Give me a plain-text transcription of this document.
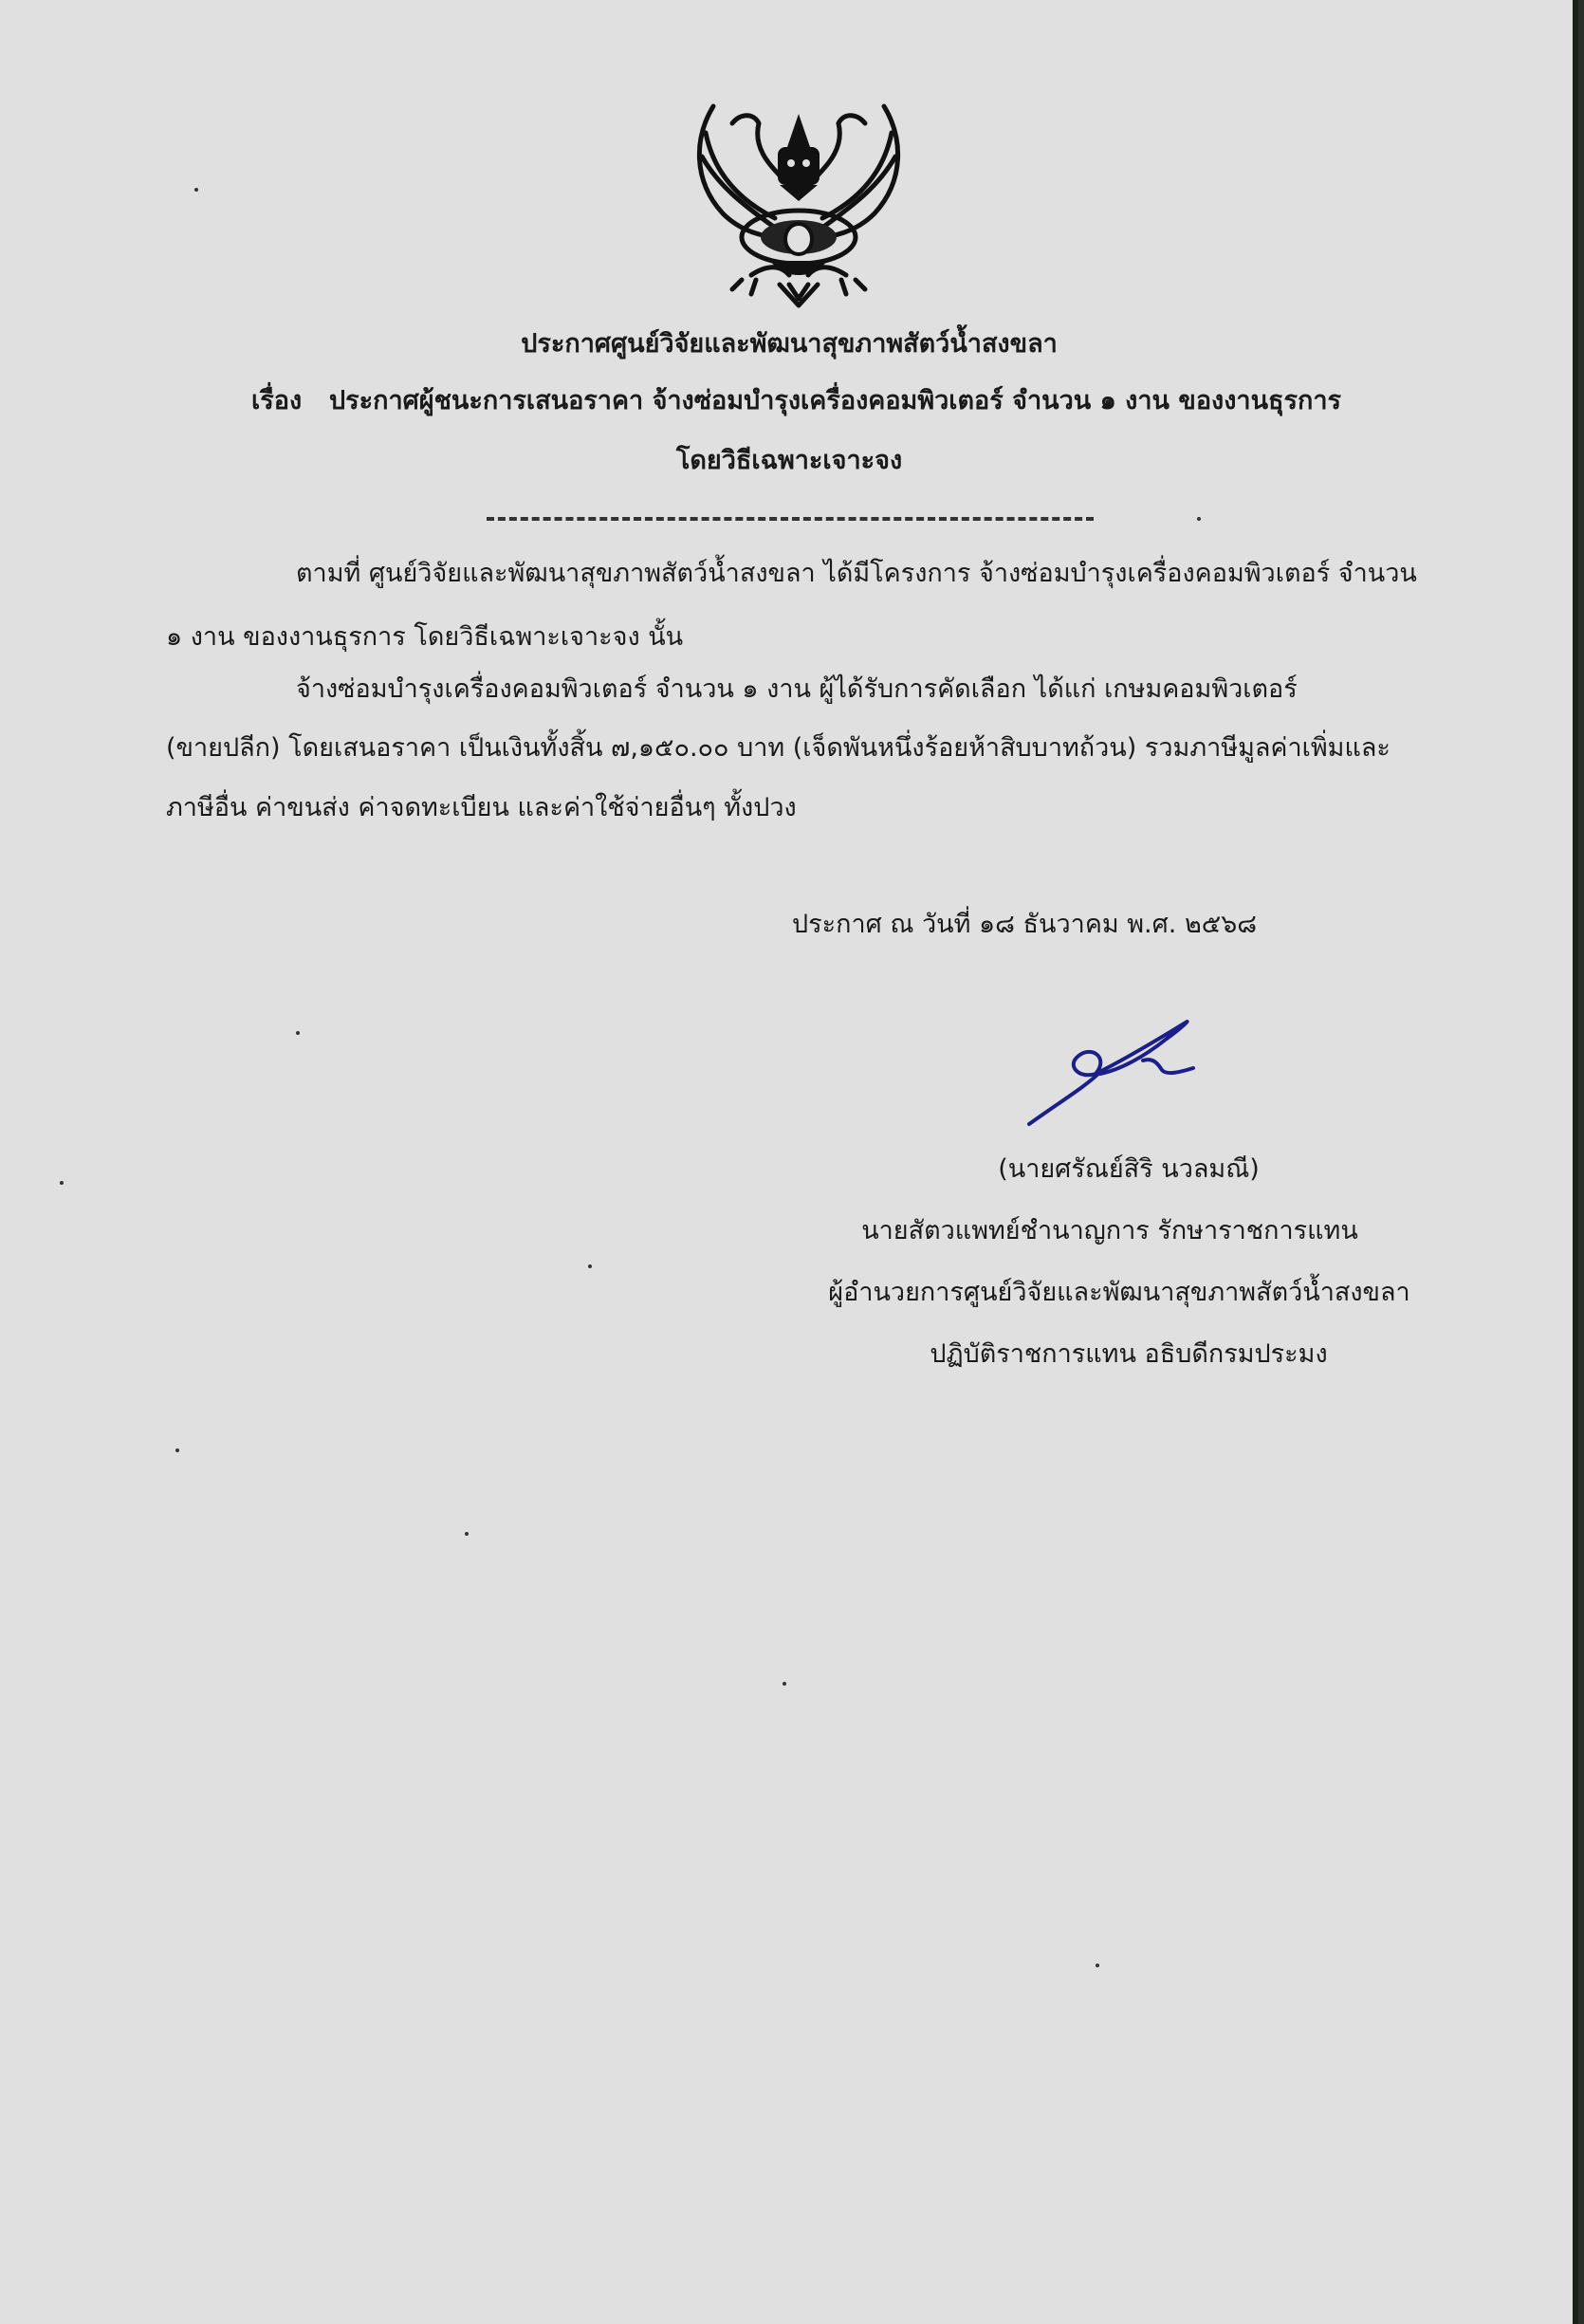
ประกาศศูนย์วิจัยและพัฒนาสุขภาพสัตว์น้ำสงขลา
เรื่อง ประกาศผู้ชนะการเสนอราคา จ้างซ่อมบำรุงเครื่องคอมพิวเตอร์ จำนวน ๑ งาน ของงานธุรการ
โดยวิธีเฉพาะเจาะจง
ตามที่ ศูนย์วิจัยและพัฒนาสุขภาพสัตว์น้ำสงขลา ได้มีโครงการ จ้างซ่อมบำรุงเครื่องคอมพิวเตอร์ จำนวน
๑ งาน ของงานธุรการ โดยวิธีเฉพาะเจาะจง นั้น
จ้างซ่อมบำรุงเครื่องคอมพิวเตอร์ จำนวน ๑ งาน ผู้ได้รับการคัดเลือก ได้แก่ เกษมคอมพิวเตอร์
(ขายปลีก) โดยเสนอราคา เป็นเงินทั้งสิ้น ๗,๑๕๐.๐๐ บาท (เจ็ดพันหนึ่งร้อยห้าสิบบาทถ้วน) รวมภาษีมูลค่าเพิ่มและ
ภาษีอื่น ค่าขนส่ง ค่าจดทะเบียน และค่าใช้จ่ายอื่นๆ ทั้งปวง
ประกาศ ณ วันที่ ๑๘ ธันวาคม พ.ศ. ๒๕๖๘
(นายศรัณย์สิริ นวลมณี)
นายสัตวแพทย์ชำนาญการ รักษาราชการแทน
ผู้อำนวยการศูนย์วิจัยและพัฒนาสุขภาพสัตว์น้ำสงขลา
ปฏิบัติราชการแทน อธิบดีกรมประมง
